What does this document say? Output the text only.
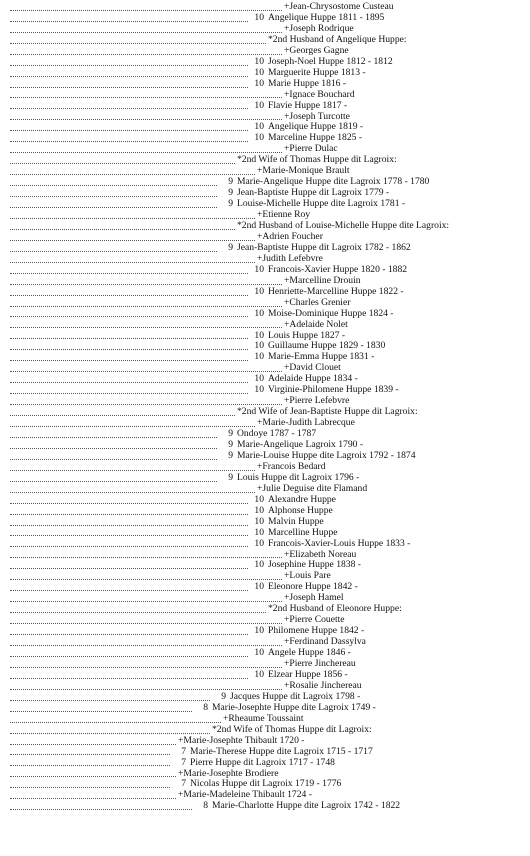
+Jean-Chrysostome Custeau
10 Angelique Huppe 1811 - 1895
+Joseph Rodrique
*2nd Husband of Angelique Huppe:
+Georges Gagne
10 Joseph-Noel Huppe 1812 - 1812
10 Marguerite Huppe 1813 -
10 Marie Huppe 1816 -
+Ignace Bouchard
10 Flavie Huppe 1817 -
+Joseph Turcotte
10 Angelique Huppe 1819 -
10 Marceline Huppe 1825 -
+Pierre Dulac
*2nd Wife of Thomas Huppe dit Lagroix:
+Marie-Monique Brault
9 Marie-Angelique Huppe dite Lagroix 1778 - 1780
9 Jean-Baptiste Huppe dit Lagroix 1779 -
9 Louise-Michelle Huppe dite Lagroix 1781 -
+Etienne Roy
*2nd Husband of Louise-Michelle Huppe dite Lagroix:
+Adrien Foucher
9 Jean-Baptiste Huppe dit Lagroix 1782 - 1862
+Judith Lefebvre
10 Francois-Xavier Huppe 1820 - 1882
+Marcelline Drouin
10 Henriette-Marcelline Huppe 1822 -
+Charles Grenier
10 Moise-Dominique Huppe 1824 -
+Adelaide Nolet
10 Louis Huppe 1827 -
10 Guillaume Huppe 1829 - 1830
10 Marie-Emma Huppe 1831 -
+David Clouet
10 Adelaide Huppe 1834 -
10 Virginie-Philomene Huppe 1839 -
+Pierre Lefebvre
*2nd Wife of Jean-Baptiste Huppe dit Lagroix:
+Marie-Judith Labrecque
9 Ondoye 1787 - 1787
9 Marie-Angelique Lagroix 1790 -
9 Marie-Louise Huppe dite Lagroix 1792 - 1874
+Francois Bedard
9 Louis Huppe dit Lagroix 1796 -
+Julie Deguise dite Flamand
10 Alexandre Huppe
10 Alphonse Huppe
10 Malvin Huppe
10 Marcelline Huppe
10 Francois-Xavier-Louis Huppe 1833 -
+Elizabeth Noreau
10 Josephine Huppe 1838 -
+Louis Pare
10 Eleonore Huppe 1842 -
+Joseph Hamel
*2nd Husband of Eleonore Huppe:
+Pierre Couette
10 Philomene Huppe 1842 -
+Ferdinand Dassylva
10 Angele Huppe 1846 -
+Pierre Jinchereau
10 Elzear Huppe 1856 -
+Rosalie Jinchereau
9 Jacques Huppe dit Lagroix 1798 -
8 Marie-Josephte Huppe dite Lagroix 1749 -
+Rheaume Toussaint
*2nd Wife of Thomas Huppe dit Lagroix:
+Marie-Josephte Thibault 1720 -
7 Marie-Therese Huppe dite Lagroix 1715 - 1717
7 Pierre Huppe dit Lagroix 1717 - 1748
+Marie-Josephte Brodiere
7 Nicolas Huppe dit Lagroix 1719 - 1776
+Marie-Madeleine Thibault 1724 -
8 Marie-Charlotte Huppe dite Lagroix 1742 - 1822
